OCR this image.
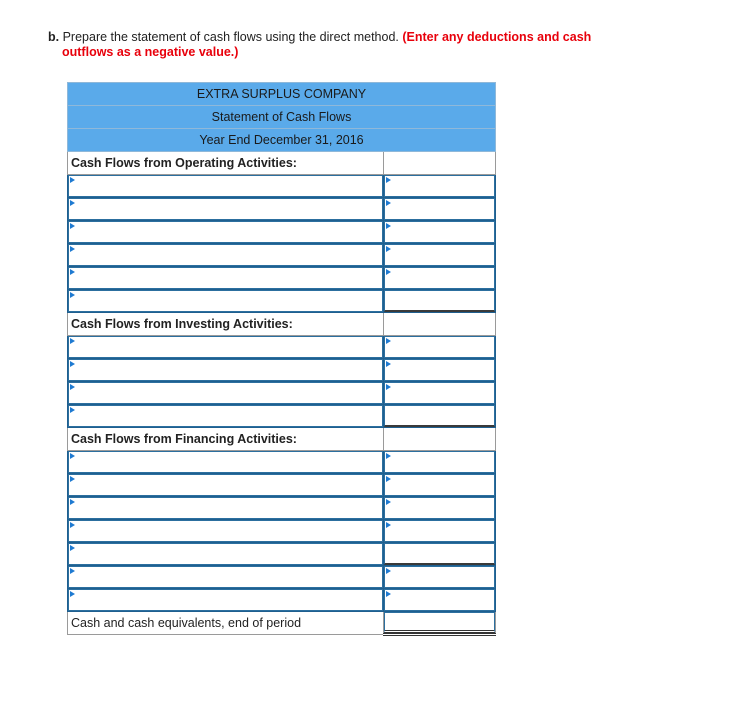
b. Prepare the statement of cash flows using the direct method. (Enter any deductions and cash
outflows as a negative value.)
EXTRA SURPLUS COMPANY	
Statement of Cash Flows	
Year End December 31, 2016	
Cash Flows from Operating Activities:	

Cash Flows from Investing Activities:	

Cash Flows from Financing Activities:	

Cash and cash equivalents, end of period	
